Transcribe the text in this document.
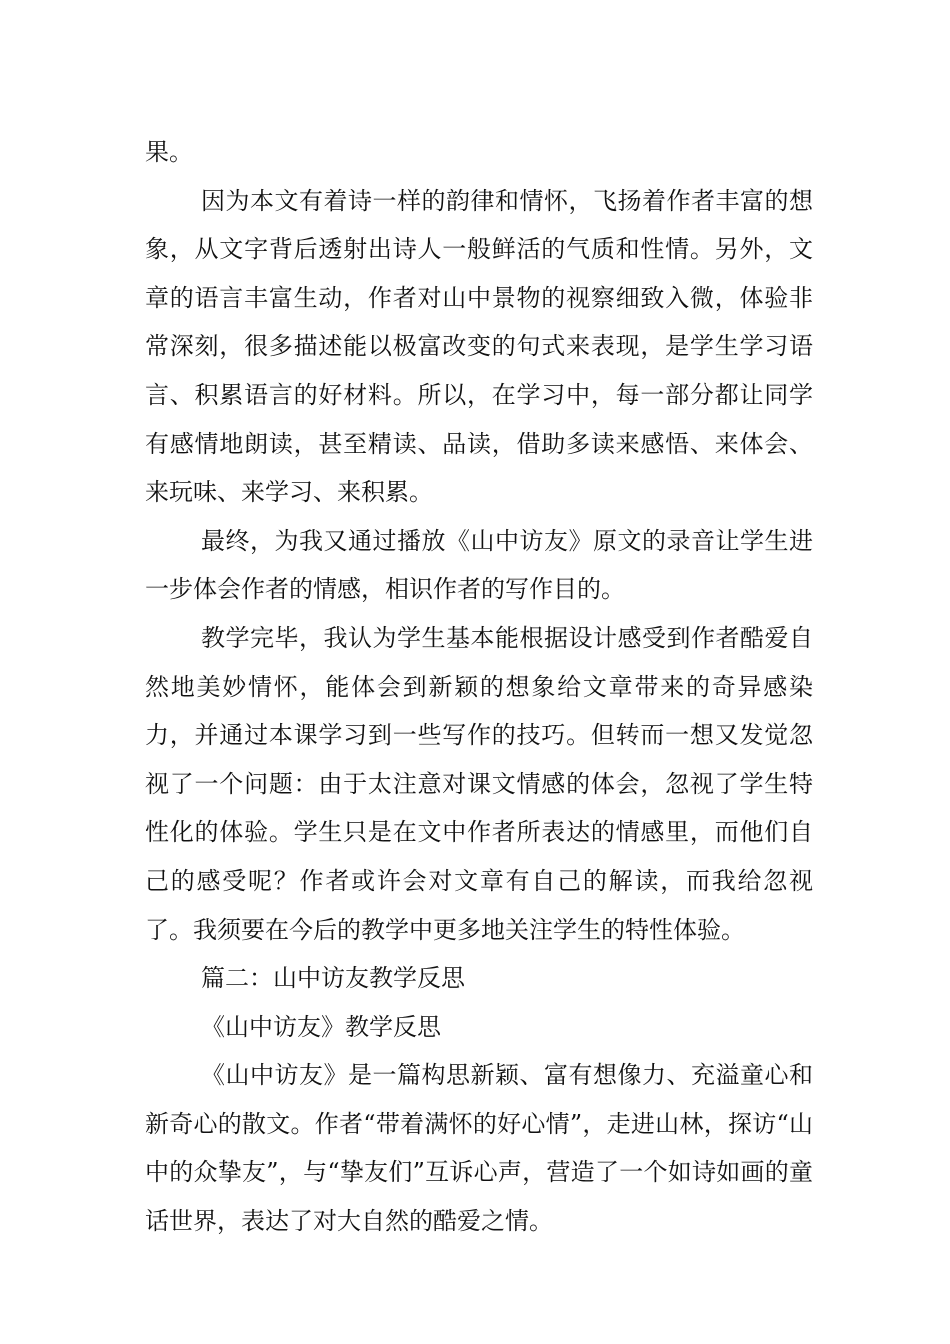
果。

因为本文有着诗一样的韵律和情怀，飞扬着作者丰富的想象，从文字背后透射出诗人一般鲜活的气质和性情。另外，文章的语言丰富生动，作者对山中景物的视察细致入微，体验非常深刻，很多描述能以极富改变的句式来表现，是学生学习语言、积累语言的好材料。所以，在学习中，每一部分都让同学有感情地朗读，甚至精读、品读，借助多读来感悟、来体会、来玩味、来学习、来积累。

最终，为我又通过播放《山中访友》原文的录音让学生进一步体会作者的情感，相识作者的写作目的。

教学完毕，我认为学生基本能根据设计感受到作者酷爱自然地美妙情怀，能体会到新颖的想象给文章带来的奇异感染力，并通过本课学习到一些写作的技巧。但转而一想又发觉忽视了一个问题：由于太注意对课文情感的体会，忽视了学生特性化的体验。学生只是在文中作者所表达的情感里，而他们自己的感受呢？作者或许会对文章有自己的解读，而我给忽视了。我须要在今后的教学中更多地关注学生的特性体验。

篇二：山中访友教学反思

《山中访友》教学反思

《山中访友》是一篇构思新颖、富有想像力、充溢童心和新奇心的散文。作者“带着满怀的好心情”，走进山林，探访“山中的众挚友”，与“挚友们”互诉心声，营造了一个如诗如画的童话世界，表达了对大自然的酷爱之情。
